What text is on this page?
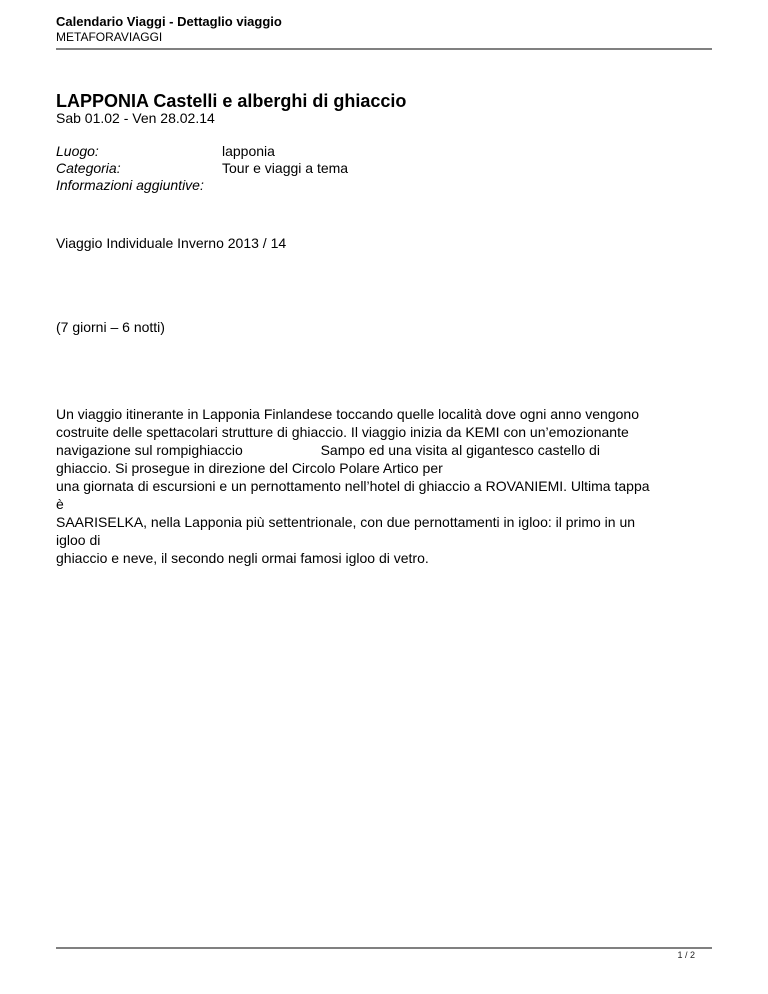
Calendario Viaggi - Dettaglio viaggio
METAFORAVIAGGI
LAPPONIA Castelli e alberghi di ghiaccio
Sab 01.02 - Ven 28.02.14
Luogo:	lapponia
Categoria:	Tour e viaggi a tema
Informazioni aggiuntive:

Viaggio Individuale Inverno 2013 / 14

(7 giorni – 6 notti)

Un viaggio itinerante in Lapponia Finlandese toccando quelle località dove ogni anno vengono
costruite delle spettacolari strutture di ghiaccio. Il viaggio inizia da KEMI con un’emozionante
navigazione sul rompighiaccio                    Sampo ed una visita al gigantesco castello di
ghiaccio. Si prosegue in direzione del Circolo Polare Artico per
una giornata di escursioni e un pernottamento nell’hotel di ghiaccio a ROVANIEMI. Ultima tappa
è
SAARISELKA, nella Lapponia più settentrionale, con due pernottamenti in igloo: il primo in un
igloo di
ghiaccio e neve, il secondo negli ormai famosi igloo di vetro.
1 / 2
